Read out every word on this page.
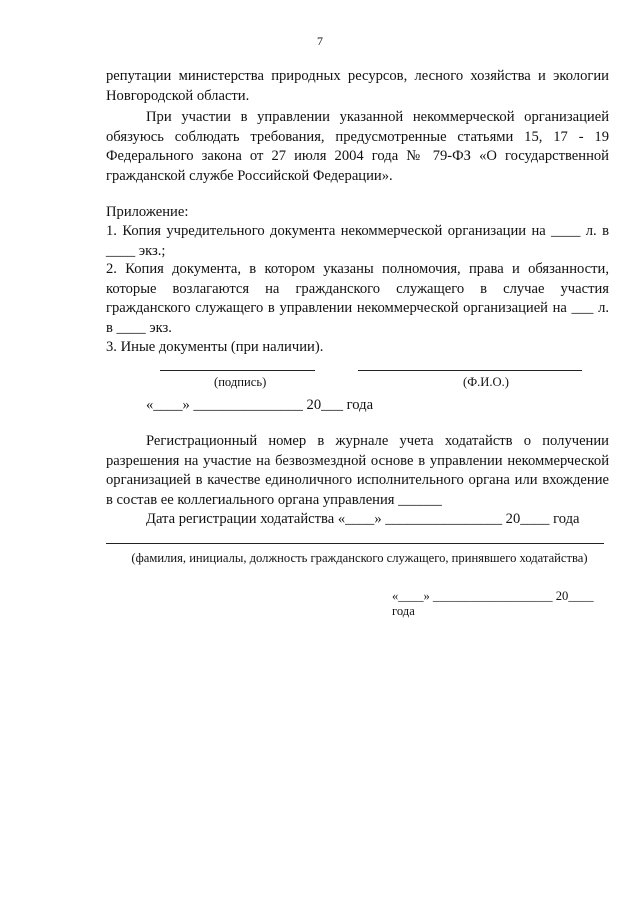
7

репутации министерства природных ресурсов, лесного хозяйства и экологии Новгородской области.

При участии в управлении указанной некоммерческой организацией обязуюсь соблюдать требования, предусмотренные статьями 15, 17 - 19 Федерального закона от 27 июля 2004 года № 79-ФЗ «О государственной гражданской службе Российской Федерации».

Приложение:

1. Копия учредительного документа некоммерческой организации на ____ л. в ____ экз.;

2. Копия документа, в котором указаны полномочия, права и обязанности, которые возлагаются на гражданского служащего в случае участия гражданского служащего в управлении некоммерческой организацией на ___ л. в ____ экз.

3. Иные документы (при наличии).

(подпись)	(Ф.И.О.)

«____» _______________ 20___ года

Регистрационный номер в журнале учета ходатайств о получении разрешения на участие на безвозмездной основе в управлении некоммерческой организацией в качестве единоличного исполнительного органа или вхождение в состав ее коллегиального органа управления ______

Дата регистрации ходатайства «____» ________________ 20____ года

(фамилия, инициалы, должность гражданского служащего, принявшего ходатайства)
«____» ___________________ 20____ года
